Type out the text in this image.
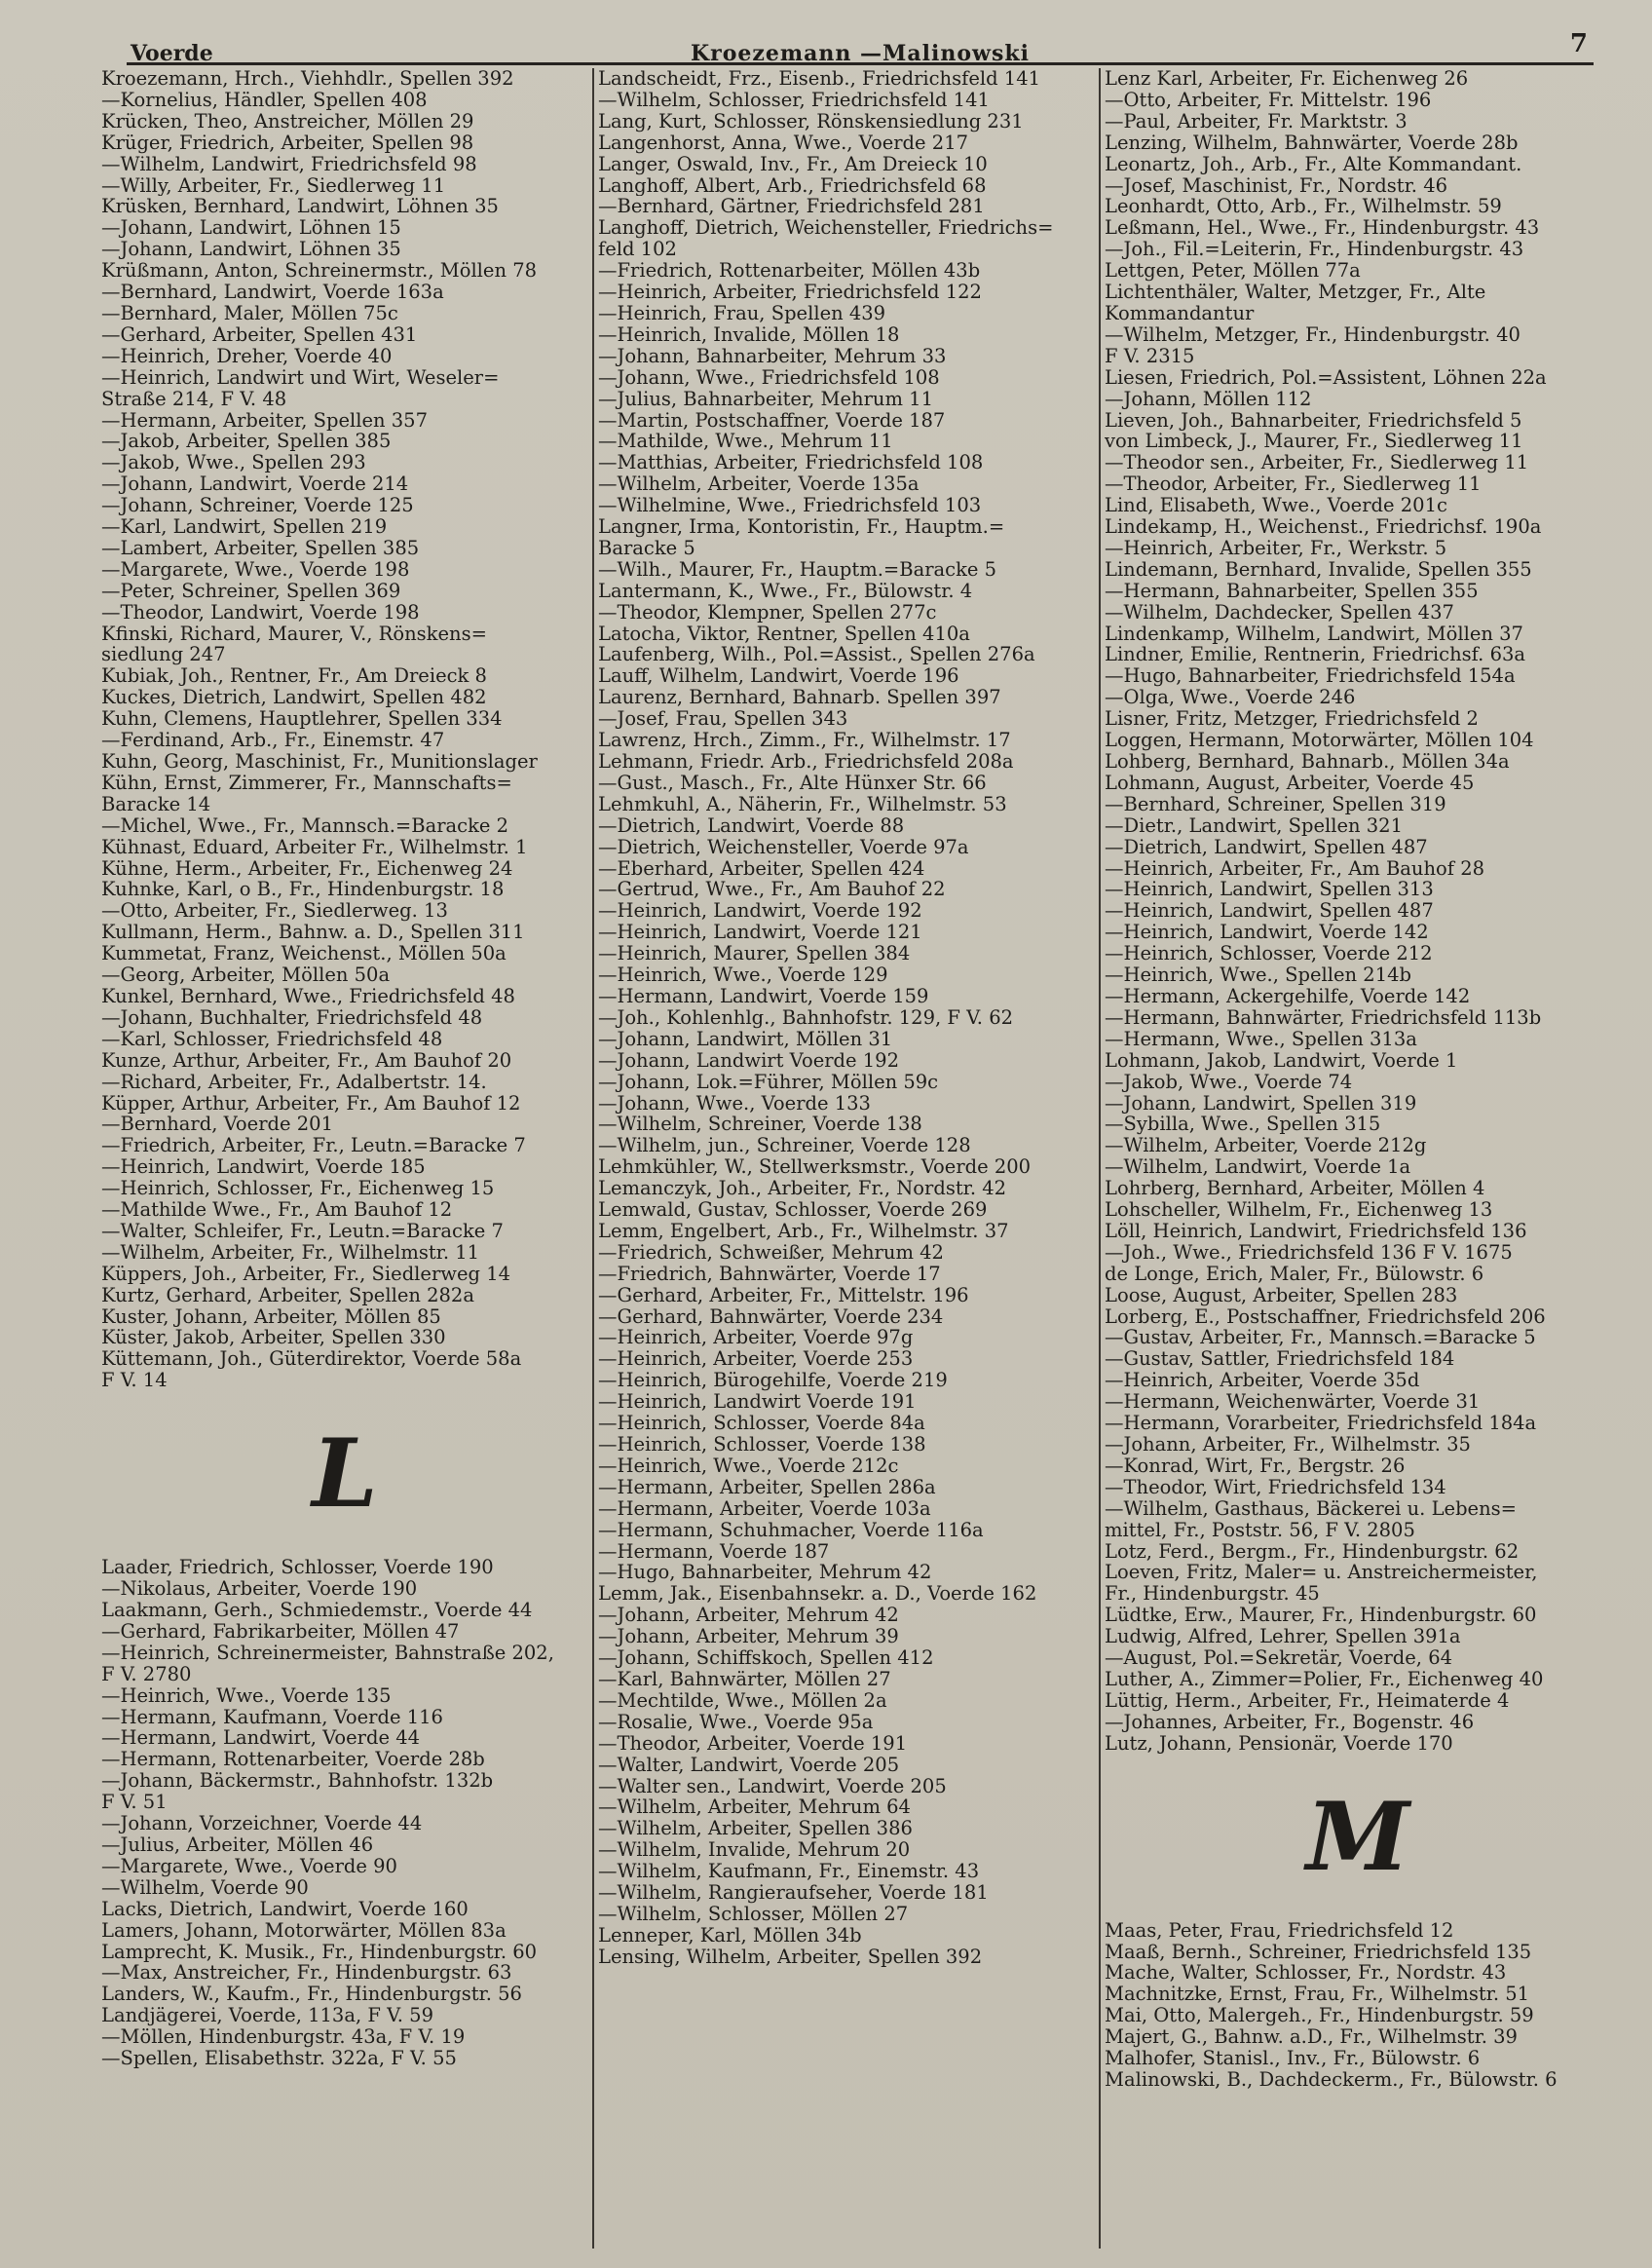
Voerde	Kroezemann —Malinowski	7
Kroezemann, Hrch., Viehhdlr., Spellen 392
—Kornelius, Händler, Spellen 408
Krücken, Theo, Anstreicher, Möllen 29
Krüger, Friedrich, Arbeiter, Spellen 98
—Wilhelm, Landwirt, Friedrichsfeld 98
—Willy, Arbeiter, Fr., Siedlerweg 11
Krüsken, Bernhard, Landwirt, Löhnen 35
—Johann, Landwirt, Löhnen 15
—Johann, Landwirt, Löhnen 35
Krüßmann, Anton, Schreinermstr., Möllen 78
—Bernhard, Landwirt, Voerde 163a
—Bernhard, Maler, Möllen 75c
—Gerhard, Arbeiter, Spellen 431
—Heinrich, Dreher, Voerde 40
—Heinrich, Landwirt und Wirt, Weseler=
Straße 214, F V. 48
—Hermann, Arbeiter, Spellen 357
—Jakob, Arbeiter, Spellen 385
—Jakob, Wwe., Spellen 293
—Johann, Landwirt, Voerde 214
—Johann, Schreiner, Voerde 125
—Karl, Landwirt, Spellen 219
—Lambert, Arbeiter, Spellen 385
—Margarete, Wwe., Voerde 198
—Peter, Schreiner, Spellen 369
—Theodor, Landwirt, Voerde 198
Kfinski, Richard, Maurer, V., Rönskens=
siedlung 247
Kubiak, Joh., Rentner, Fr., Am Dreieck 8
Kuckes, Dietrich, Landwirt, Spellen 482
Kuhn, Clemens, Hauptlehrer, Spellen 334
—Ferdinand, Arb., Fr., Einemstr. 47
Kuhn, Georg, Maschinist, Fr., Munitionslager
Kühn, Ernst, Zimmerer, Fr., Mannschafts=
Baracke 14
—Michel, Wwe., Fr., Mannsch.=Baracke 2
Kühnast, Eduard, Arbeiter Fr., Wilhelmstr. 1
Kühne, Herm., Arbeiter, Fr., Eichenweg 24
Kuhnke, Karl, o B., Fr., Hindenburgstr. 18
—Otto, Arbeiter, Fr., Siedlerweg. 13
Kullmann, Herm., Bahnw. a. D., Spellen 311
Kummetat, Franz, Weichenst., Möllen 50a
—Georg, Arbeiter, Möllen 50a
Kunkel, Bernhard, Wwe., Friedrichsfeld 48
—Johann, Buchhalter, Friedrichsfeld 48
—Karl, Schlosser, Friedrichsfeld 48
Kunze, Arthur, Arbeiter, Fr., Am Bauhof 20
—Richard, Arbeiter, Fr., Adalbertstr. 14.
Küpper, Arthur, Arbeiter, Fr., Am Bauhof 12
—Bernhard, Voerde 201
—Friedrich, Arbeiter, Fr., Leutn.=Baracke 7
—Heinrich, Landwirt, Voerde 185
—Heinrich, Schlosser, Fr., Eichenweg 15
—Mathilde Wwe., Fr., Am Bauhof 12
—Walter, Schleifer, Fr., Leutn.=Baracke 7
—Wilhelm, Arbeiter, Fr., Wilhelmstr. 11
Küppers, Joh., Arbeiter, Fr., Siedlerweg 14
Kurtz, Gerhard, Arbeiter, Spellen 282a
Kuster, Johann, Arbeiter, Möllen 85
Küster, Jakob, Arbeiter, Spellen 330
Küttemann, Joh., Güterdirektor, Voerde 58a
F V. 14
L
Laader, Friedrich, Schlosser, Voerde 190
—Nikolaus, Arbeiter, Voerde 190
Laakmann, Gerh., Schmiedemstr., Voerde 44
—Gerhard, Fabrikarbeiter, Möllen 47
—Heinrich, Schreinermeister, Bahnstraße 202,
F V. 2780
—Heinrich, Wwe., Voerde 135
—Hermann, Kaufmann, Voerde 116
—Hermann, Landwirt, Voerde 44
—Hermann, Rottenarbeiter, Voerde 28b
—Johann, Bäckermstr., Bahnhofstr. 132b
F V. 51
—Johann, Vorzeichner, Voerde 44
—Julius, Arbeiter, Möllen 46
—Margarete, Wwe., Voerde 90
—Wilhelm, Voerde 90
Lacks, Dietrich, Landwirt, Voerde 160
Lamers, Johann, Motorwärter, Möllen 83a
Lamprecht, K. Musik., Fr., Hindenburgstr. 60
—Max, Anstreicher, Fr., Hindenburgstr. 63
Landers, W., Kaufm., Fr., Hindenburgstr. 56
Landjägerei, Voerde, 113a, F V. 59
—Möllen, Hindenburgstr. 43a, F V. 19
—Spellen, Elisabethstr. 322a, F V. 55
Landscheidt, Frz., Eisenb., Friedrichsfeld 141
—Wilhelm, Schlosser, Friedrichsfeld 141
Lang, Kurt, Schlosser, Rönskensiedlung 231
Langenhorst, Anna, Wwe., Voerde 217
Langer, Oswald, Inv., Fr., Am Dreieck 10
Langhoff, Albert, Arb., Friedrichsfeld 68
—Bernhard, Gärtner, Friedrichsfeld 281
Langhoff, Dietrich, Weichensteller, Friedrichs=
feld 102
—Friedrich, Rottenarbeiter, Möllen 43b
—Heinrich, Arbeiter, Friedrichsfeld 122
—Heinrich, Frau, Spellen 439
—Heinrich, Invalide, Möllen 18
—Johann, Bahnarbeiter, Mehrum 33
—Johann, Wwe., Friedrichsfeld 108
—Julius, Bahnarbeiter, Mehrum 11
—Martin, Postschaffner, Voerde 187
—Mathilde, Wwe., Mehrum 11
—Matthias, Arbeiter, Friedrichsfeld 108
—Wilhelm, Arbeiter, Voerde 135a
—Wilhelmine, Wwe., Friedrichsfeld 103
Langner, Irma, Kontoristin, Fr., Hauptm.=
Baracke 5
—Wilh., Maurer, Fr., Hauptm.=Baracke 5
Lantermann, K., Wwe., Fr., Bülowstr. 4
—Theodor, Klempner, Spellen 277c
Latocha, Viktor, Rentner, Spellen 410a
Laufenberg, Wilh., Pol.=Assist., Spellen 276a
Lauff, Wilhelm, Landwirt, Voerde 196
Laurenz, Bernhard, Bahnarb. Spellen 397
—Josef, Frau, Spellen 343
Lawrenz, Hrch., Zimm., Fr., Wilhelmstr. 17
Lehmann, Friedr. Arb., Friedrichsfeld 208a
—Gust., Masch., Fr., Alte Hünxer Str. 66
Lehmkuhl, A., Näherin, Fr., Wilhelmstr. 53
—Dietrich, Landwirt, Voerde 88
—Dietrich, Weichensteller, Voerde 97a
—Eberhard, Arbeiter, Spellen 424
—Gertrud, Wwe., Fr., Am Bauhof 22
—Heinrich, Landwirt, Voerde 192
—Heinrich, Landwirt, Voerde 121
—Heinrich, Maurer, Spellen 384
—Heinrich, Wwe., Voerde 129
—Hermann, Landwirt, Voerde 159
—Joh., Kohlenhlg., Bahnhofstr. 129, F V. 62
—Johann, Landwirt, Möllen 31
—Johann, Landwirt Voerde 192
—Johann, Lok.=Führer, Möllen 59c
—Johann, Wwe., Voerde 133
—Wilhelm, Schreiner, Voerde 138
—Wilhelm, jun., Schreiner, Voerde 128
Lehmkühler, W., Stellwerksmstr., Voerde 200
Lemanczyk, Joh., Arbeiter, Fr., Nordstr. 42
Lemwald, Gustav, Schlosser, Voerde 269
Lemm, Engelbert, Arb., Fr., Wilhelmstr. 37
—Friedrich, Schweißer, Mehrum 42
—Friedrich, Bahnwärter, Voerde 17
—Gerhard, Arbeiter, Fr., Mittelstr. 196
—Gerhard, Bahnwärter, Voerde 234
—Heinrich, Arbeiter, Voerde 97g
—Heinrich, Arbeiter, Voerde 253
—Heinrich, Bürogehilfe, Voerde 219
—Heinrich, Landwirt Voerde 191
—Heinrich, Schlosser, Voerde 84a
—Heinrich, Schlosser, Voerde 138
—Heinrich, Wwe., Voerde 212c
—Hermann, Arbeiter, Spellen 286a
—Hermann, Arbeiter, Voerde 103a
—Hermann, Schuhmacher, Voerde 116a
—Hermann, Voerde 187
—Hugo, Bahnarbeiter, Mehrum 42
Lemm, Jak., Eisenbahnsekr. a. D., Voerde 162
—Johann, Arbeiter, Mehrum 42
—Johann, Arbeiter, Mehrum 39
—Johann, Schiffskoch, Spellen 412
—Karl, Bahnwärter, Möllen 27
—Mechtilde, Wwe., Möllen 2a
—Rosalie, Wwe., Voerde 95a
—Theodor, Arbeiter, Voerde 191
—Walter, Landwirt, Voerde 205
—Walter sen., Landwirt, Voerde 205
—Wilhelm, Arbeiter, Mehrum 64
—Wilhelm, Arbeiter, Spellen 386
—Wilhelm, Invalide, Mehrum 20
—Wilhelm, Kaufmann, Fr., Einemstr. 43
—Wilhelm, Rangieraufseher, Voerde 181
—Wilhelm, Schlosser, Möllen 27
Lenneper, Karl, Möllen 34b
Lensing, Wilhelm, Arbeiter, Spellen 392
Lenz Karl, Arbeiter, Fr. Eichenweg 26
—Otto, Arbeiter, Fr. Mittelstr. 196
—Paul, Arbeiter, Fr. Marktstr. 3
Lenzing, Wilhelm, Bahnwärter, Voerde 28b
Leonartz, Joh., Arb., Fr., Alte Kommandant.
—Josef, Maschinist, Fr., Nordstr. 46
Leonhardt, Otto, Arb., Fr., Wilhelmstr. 59
Leßmann, Hel., Wwe., Fr., Hindenburgstr. 43
—Joh., Fil.=Leiterin, Fr., Hindenburgstr. 43
Lettgen, Peter, Möllen 77a
Lichtenthäler, Walter, Metzger, Fr., Alte
Kommandantur
—Wilhelm, Metzger, Fr., Hindenburgstr. 40
F V. 2315
Liesen, Friedrich, Pol.=Assistent, Löhnen 22a
—Johann, Möllen 112
Lieven, Joh., Bahnarbeiter, Friedrichsfeld 5
von Limbeck, J., Maurer, Fr., Siedlerweg 11
—Theodor sen., Arbeiter, Fr., Siedlerweg 11
—Theodor, Arbeiter, Fr., Siedlerweg 11
Lind, Elisabeth, Wwe., Voerde 201c
Lindekamp, H., Weichenst., Friedrichsf. 190a
—Heinrich, Arbeiter, Fr., Werkstr. 5
Lindemann, Bernhard, Invalide, Spellen 355
—Hermann, Bahnarbeiter, Spellen 355
—Wilhelm, Dachdecker, Spellen 437
Lindenkamp, Wilhelm, Landwirt, Möllen 37
Lindner, Emilie, Rentnerin, Friedrichsf. 63a
—Hugo, Bahnarbeiter, Friedrichsfeld 154a
—Olga, Wwe., Voerde 246
Lisner, Fritz, Metzger, Friedrichsfeld 2
Loggen, Hermann, Motorwärter, Möllen 104
Lohberg, Bernhard, Bahnarb., Möllen 34a
Lohmann, August, Arbeiter, Voerde 45
—Bernhard, Schreiner, Spellen 319
—Dietr., Landwirt, Spellen 321
—Dietrich, Landwirt, Spellen 487
—Heinrich, Arbeiter, Fr., Am Bauhof 28
—Heinrich, Landwirt, Spellen 313
—Heinrich, Landwirt, Spellen 487
—Heinrich, Landwirt, Voerde 142
—Heinrich, Schlosser, Voerde 212
—Heinrich, Wwe., Spellen 214b
—Hermann, Ackergehilfe, Voerde 142
—Hermann, Bahnwärter, Friedrichsfeld 113b
—Hermann, Wwe., Spellen 313a
Lohmann, Jakob, Landwirt, Voerde 1
—Jakob, Wwe., Voerde 74
—Johann, Landwirt, Spellen 319
—Sybilla, Wwe., Spellen 315
—Wilhelm, Arbeiter, Voerde 212g
—Wilhelm, Landwirt, Voerde 1a
Lohrberg, Bernhard, Arbeiter, Möllen 4
Lohscheller, Wilhelm, Fr., Eichenweg 13
Löll, Heinrich, Landwirt, Friedrichsfeld 136
—Joh., Wwe., Friedrichsfeld 136 F V. 1675
de Longe, Erich, Maler, Fr., Bülowstr. 6
Loose, August, Arbeiter, Spellen 283
Lorberg, E., Postschaffner, Friedrichsfeld 206
—Gustav, Arbeiter, Fr., Mannsch.=Baracke 5
—Gustav, Sattler, Friedrichsfeld 184
—Heinrich, Arbeiter, Voerde 35d
—Hermann, Weichenwärter, Voerde 31
—Hermann, Vorarbeiter, Friedrichsfeld 184a
—Johann, Arbeiter, Fr., Wilhelmstr. 35
—Konrad, Wirt, Fr., Bergstr. 26
—Theodor, Wirt, Friedrichsfeld 134
—Wilhelm, Gasthaus, Bäckerei u. Lebens=
mittel, Fr., Poststr. 56, F V. 2805
Lotz, Ferd., Bergm., Fr., Hindenburgstr. 62
Loeven, Fritz, Maler= u. Anstreichermeister,
Fr., Hindenburgstr. 45
Lüdtke, Erw., Maurer, Fr., Hindenburgstr. 60
Ludwig, Alfred, Lehrer, Spellen 391a
—August, Pol.=Sekretär, Voerde, 64
Luther, A., Zimmer=Polier, Fr., Eichenweg 40
Lüttig, Herm., Arbeiter, Fr., Heimaterde 4
—Johannes, Arbeiter, Fr., Bogenstr. 46
Lutz, Johann, Pensionär, Voerde 170
M
Maas, Peter, Frau, Friedrichsfeld 12
Maaß, Bernh., Schreiner, Friedrichsfeld 135
Mache, Walter, Schlosser, Fr., Nordstr. 43
Machnitzke, Ernst, Frau, Fr., Wilhelmstr. 51
Mai, Otto, Malergeh., Fr., Hindenburgstr. 59
Majert, G., Bahnw. a.D., Fr., Wilhelmstr. 39
Malhofer, Stanisl., Inv., Fr., Bülowstr. 6
Malinowski, B., Dachdeckerm., Fr., Bülowstr. 6
